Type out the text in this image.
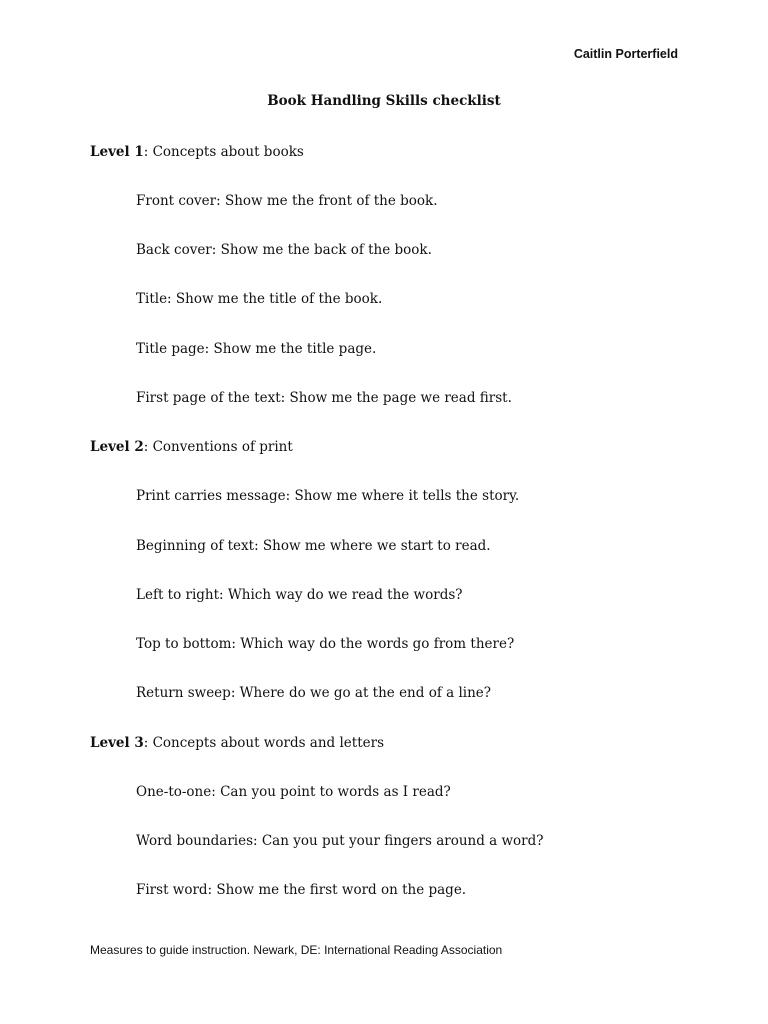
Caitlin Porterfield
Book Handling Skills checklist
Level 1: Concepts about books
Front cover: Show me the front of the book.
Back cover: Show me the back of the book.
Title: Show me the title of the book.
Title page: Show me the title page.
First page of the text: Show me the page we read first.
Level 2: Conventions of print
Print carries message: Show me where it tells the story.
Beginning of text: Show me where we start to read.
Left to right: Which way do we read the words?
Top to bottom: Which way do the words go from there?
Return sweep: Where do we go at the end of a line?
Level 3: Concepts about words and letters
One-to-one: Can you point to words as I read?
Word boundaries: Can you put your fingers around a word?
First word: Show me the first word on the page.
Measures to guide instruction. Newark, DE: International Reading Association
